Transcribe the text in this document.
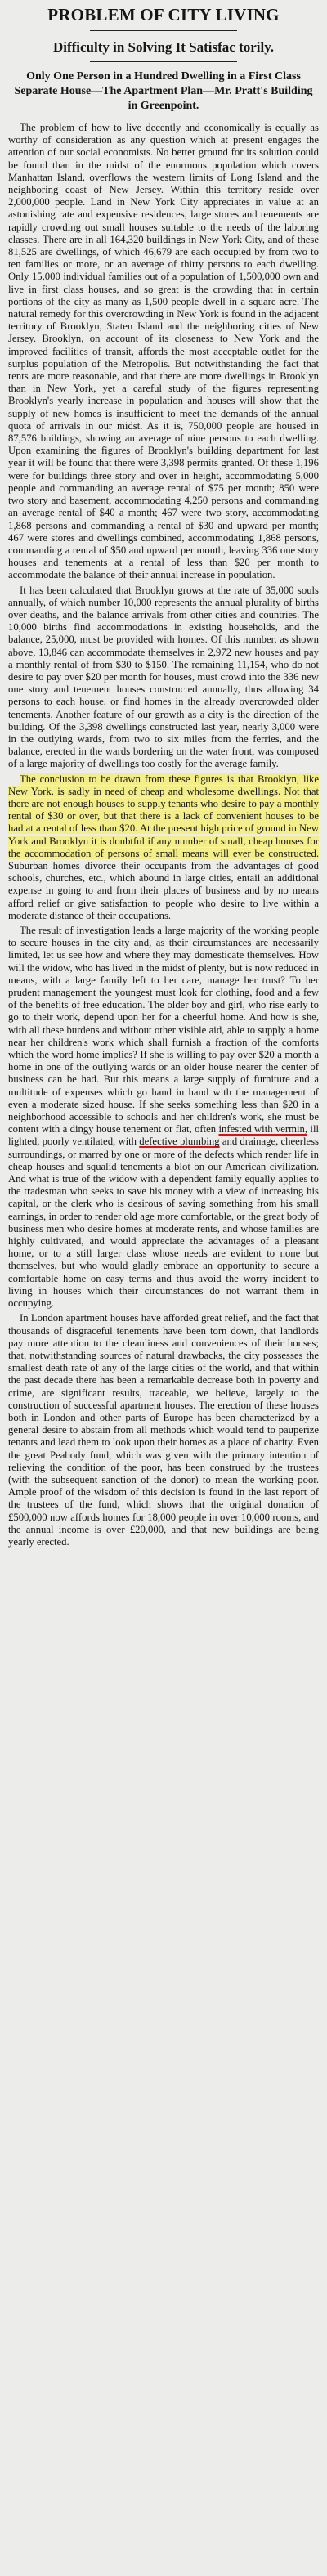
PROBLEM OF CITY LIVING
Difficulty in Solving It Satisfac torily.
Only One Person in a Hundred Dwelling in a First Class Separate House—The Apartment Plan—Mr. Pratt's Building in Greenpoint.

The problem of how to live decently and economically is equally as worthy of consideration as any question which at present engages the attention of our social economists. No better ground for its solution could be found than in the midst of the enormous population which covers Manhattan Island, overflows the western limits of Long Island and the neighboring coast of New Jersey. Within this territory reside over 2,000,000 people. Land in New York City appreciates in value at an astonishing rate and expensive residences, large stores and tenements are rapidly crowding out small houses suitable to the needs of the laboring classes. There are in all 164,320 buildings in New York City, and of these 81,525 are dwellings, of which 46,679 are each occupied by from two to ten families or more, or an average of thirty persons to each dwelling. Only 15,000 individual families out of a population of 1,500,000 own and live in first class houses, and so great is the crowding that in certain portions of the city as many as 1,500 people dwell in a square acre. The natural remedy for this overcrowding in New York is found in the adjacent territory of Brooklyn, Staten Island and the neighboring cities of New Jersey. Brooklyn, on account of its closeness to New York and the improved facilities of transit, affords the most acceptable outlet for the surplus population of the Metropolis. But notwithstanding the fact that rents are more reasonable, and that there are more dwellings in Brooklyn than in New York, yet a careful study of the figures representing Brooklyn's yearly increase in population and houses will show that the supply of new homes is insufficient to meet the demands of the annual quota of arrivals in our midst. As it is, 750,000 people are housed in 87,576 buildings, showing an average of nine persons to each dwelling. Upon examining the figures of Brooklyn's building department for last year it will be found that there were 3,398 permits granted. Of these 1,196 were for buildings three story and over in height, accommodating 5,000 people and commanding an average rental of $75 per month; 850 were two story and basement, accommodating 4,250 persons and commanding an average rental of $40 a month; 467 were two story, accommodating 1,868 persons and commanding a rental of $30 and upward per month; 467 were stores and dwellings combined, accommodating 1,868 persons, commanding a rental of $50 and upward per month, leaving 336 one story houses and tenements at a rental of less than $20 per month to accommodate the balance of their annual increase in population.

It has been calculated that Brooklyn grows at the rate of 35,000 souls annually, of which number 10,000 represents the annual plurality of births over deaths, and the balance arrivals from other cities and countries. The 10,000 births find accommodations in existing households, and the balance, 25,000, must be provided with homes. Of this number, as shown above, 13,846 can accommodate themselves in 2,972 new houses and pay a monthly rental of from $30 to $150. The remaining 11,154, who do not desire to pay over $20 per month for houses, must crowd into the 336 new one story and tenement houses constructed annually, thus allowing 34 persons to each house, or find homes in the already overcrowded older tenements. Another feature of our growth as a city is the direction of the building. Of the 3,398 dwellings constructed last year, nearly 3,000 were in the outlying wards, from two to six miles from the ferries, and the balance, erected in the wards bordering on the water front, was composed of a large majority of dwellings too costly for the average family.

The conclusion to be drawn from these figures is that Brooklyn, like New York, is sadly in need of cheap and wholesome dwellings. Not that there are not enough houses to supply tenants who desire to pay a monthly rental of $30 or over, but that there is a lack of convenient houses to be had at a rental of less than $20. At the present high price of ground in New York and Brooklyn it is doubtful if any number of small, cheap houses for the accommodation of persons of small means will ever be constructed. Suburban homes divorce their occupants from the advantages of good schools, churches, etc., which abound in large cities, entail an additional expense in going to and from their places of business and by no means afford relief or give satisfaction to people who desire to live within a moderate distance of their occupations.

The result of investigation leads a large majority of the working people to secure houses in the city and, as their circumstances are necessarily limited, let us see how and where they may domesticate themselves. How will the widow, who has lived in the midst of plenty, but is now reduced in means, with a large family left to her care, manage her trust? To her prudent management the youngest must look for clothing, food and a few of the benefits of free education. The older boy and girl, who rise early to go to their work, depend upon her for a cheerful home. And how is she, with all these burdens and without other visible aid, able to supply a home near her children's work which shall furnish a fraction of the comforts which the word home implies? If she is willing to pay over $20 a month a home in one of the outlying wards or an older house nearer the center of business can be had. But this means a large supply of furniture and a multitude of expenses which go hand in hand with the management of even a moderate sized house. If she seeks something less than $20 in a neighborhood accessible to schools and her children's work, she must be content with a dingy house tenement or flat, often infested with vermin, ill lighted, poorly ventilated, with defective plumbing and drainage, cheerless surroundings, or marred by one or more of the defects which render life in cheap houses and squalid tenements a blot on our American civilization. And what is true of the widow with a dependent family equally applies to the tradesman who seeks to save his money with a view of increasing his capital, or the clerk who is desirous of saving something from his small earnings, in order to render old age more comfortable, or the great body of business men who desire homes at moderate rents, and whose families are highly cultivated, and would appreciate the advantages of a pleasant home, or to a still larger class whose needs are evident to none but themselves, but who would gladly embrace an opportunity to secure a comfortable home on easy terms and thus avoid the worry incident to living in houses which their circumstances do not warrant them in occupying.

In London apartment houses have afforded great relief, and the fact that thousands of disgraceful tenements have been torn down, that landlords pay more attention to the cleanliness and conveniences of their houses; that, notwithstanding sources of natural drawbacks, the city possesses the smallest death rate of any of the large cities of the world, and that within the past decade there has been a remarkable decrease both in poverty and crime, are significant results, traceable, we believe, largely to the construction of successful apartment houses. The erection of these houses both in London and other parts of Europe has been characterized by a general desire to abstain from all methods which would tend to pauperize tenants and lead them to look upon their homes as a place of charity. Even the great Peabody fund, which was given with the primary intention of relieving the condition of the poor, has been construed by the trustees (with the subsequent sanction of the donor) to mean the working poor. Ample proof of the wisdom of this decision is found in the last report of the trustees of the fund, which shows that the original donation of £500,000 now affords homes for 18,000 people in over 10,000 rooms, and the annual income is over £20,000, and that new buildings are being yearly erected.
